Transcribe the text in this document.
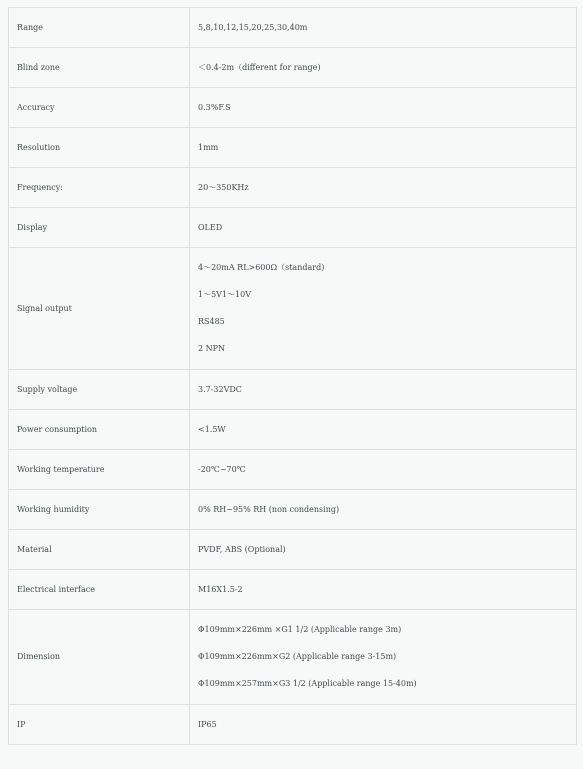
Range	5,8,10,12,15,20,25,30,40m

Blind zone	＜0.4-2m（different for range)

Accuracy	0.3%F.S

Resolution	1mm

Frequency:	20～350KHz

Display	OLED

Signal output	4～20mA RL>600Ω（standard)
1～5V1～10V
RS485
2 NPN

Supply voltage	3.7-32VDC

Power consumption	<1.5W

Working temperature	-20℃~70℃

Working humidity	0% RH~95% RH (non condensing)

Material	PVDF, ABS (Optional)

Electrical interface	M16X1.5-2

Dimension	Φ109mm×226mm ×G1 1/2 (Applicable range 3m)
Φ109mm×226mm×G2 (Applicable range 3-15m)
Φ109mm×257mm×G3 1/2 (Applicable range 15-40m)

IP	IP65
